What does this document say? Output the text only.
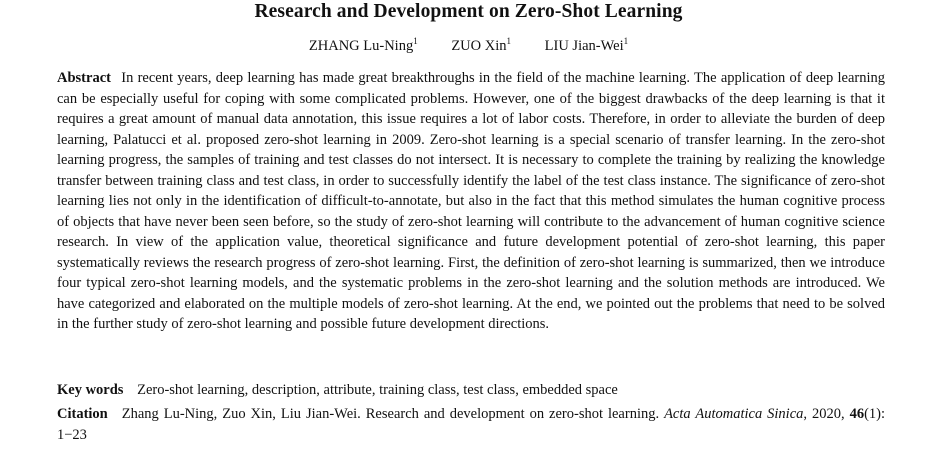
Research and Development on Zero-Shot Learning
ZHANG Lu-Ning$^1$ ZUO Xin$^1$ LIU Jian-Wei$^1$

Abstract In recent years, deep learning has made great breakthroughs in the field of the machine learning. The application of deep learning can be especially useful for coping with some complicated problems. However, one of the biggest drawbacks of the deep learning is that it requires a great amount of manual data annotation, this issue requires a lot of labor costs. Therefore, in order to alleviate the burden of deep learning, Palatucci et al. proposed zero-shot learning in 2009. Zero-shot learning is a special scenario of transfer learning. In the zero-shot learning progress, the samples of training and test classes do not intersect. It is necessary to complete the training by realizing the knowledge transfer between training class and test class, in order to successfully identify the label of the test class instance. The significance of zero-shot learning lies not only in the identification of difficult-to-annotate, but also in the fact that this method simulates the human cognitive process of objects that have never been seen before, so the study of zero-shot learning will contribute to the advancement of human cognitive science research. In view of the application value, theoretical significance and future development potential of zero-shot learning, this paper systematically reviews the research progress of zero-shot learning. First, the definition of zero-shot learning is summarized, then we introduce four typical zero-shot learning models, and the systematic problems in the zero-shot learning and the solution methods are introduced. We have categorized and elaborated on the multiple models of zero-shot learning. At the end, we pointed out the problems that need to be solved in the further study of zero-shot learning and possible future development directions.

Key words Zero-shot learning, description, attribute, training class, test class, embedded space

Citation Zhang Lu-Ning, Zuo Xin, Liu Jian-Wei. Research and development on zero-shot learning. Acta Automatica Sinica, 2020, 46(1): 1−23
